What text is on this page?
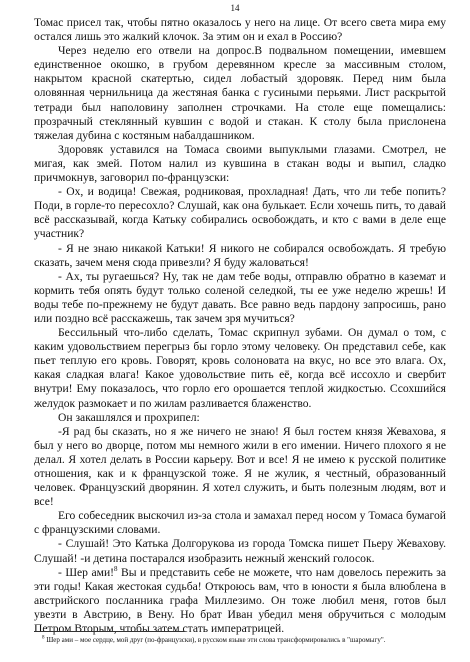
14

Томас присел так, чтобы пятно оказалось у него на лице. От всего света мира ему остался лишь это жалкий клочок. За этим он и ехал в Россию?

Через неделю его отвели на допрос.В подвальном помещении, имевшем единственное окошко, в грубом деревянном кресле за массивным столом, накрытом красной скатертью, сидел лобастый здоровяк. Перед ним была оловянная чернильница да жестяная банка с гусиными перьями. Лист раскрытой тетради был наполовину заполнен строчками. На столе еще помещались: прозрачный стеклянный кувшин с водой и стакан. К столу была прислонена тяжелая дубина с костяным набалдашником.

Здоровяк уставился на Томаса своими выпуклыми глазами. Смотрел, не мигая, как змей. Потом налил из кувшина в стакан воды и выпил, сладко причмокнув, заговорил по-французски:

- Ох, и водица! Свежая, родниковая, прохладная! Дать, что ли тебе попить? Поди, в горле-то пересохло? Слушай, как она булькает. Если хочешь пить, то давай всё рассказывай, когда Катьку собирались освобождать, и кто с вами в деле еще участник?

- Я не знаю никакой Катьки! Я никого не собирался освобождать. Я требую сказать, зачем меня сюда привезли? Я буду жаловаться!

- Ах, ты ругаешься? Ну, так не дам тебе воды, отправлю обратно в каземат и кормить тебя опять будут только соленой селедкой, ты ее уже неделю жрешь! И воды тебе по-прежнему не будут давать. Все равно ведь пардону запросишь, рано или поздно всё расскажешь, так зачем зря мучиться?

Бессильный что-либо сделать, Томас скрипнул зубами. Он думал о том, с каким удовольствием перегрыз бы горло этому человеку. Он представил себе, как пьет теплую его кровь. Говорят, кровь солоновата на вкус, но все это влага. Ох, какая сладкая влага! Какое удовольствие пить её, когда всё иссохло и свербит внутри! Ему показалось, что горло его орошается теплой жидкостью. Ссохшийся желудок размокает и по жилам разливается блаженство.

Он закашлялся и прохрипел:

-Я рад бы сказать, но я же ничего не знаю! Я был гостем князя Жевахова, я был у него во дворце, потом мы немного жили в его имении. Ничего плохого я не делал. Я хотел делать в России карьеру. Вот и все! Я не имею к русской политике отношения, как и к французской тоже. Я не жулик, я честный, образованный человек. Французский дворянин. Я хотел служить, и быть полезным людям, вот и все!

Его собеседник выскочил из-за стола и замахал перед носом у Томаса бумагой с французскими словами.

- Слушай! Это Катька Долгорукова из города Томска пишет Пьеру Жевахову. Слушай! -и детина постарался изобразить нежный женский голосок.

- Шер ами!$^8$ Вы и представить себе не можете, что нам довелось пережить за эти годы! Какая жестокая судьба! Откроюсь вам, что в юности я была влюблена в австрийского посланника графа Миллезимо. Он тоже любил меня, готов был увезти в Австрию, в Вену. Но брат Иван убедил меня обручиться с молодым Петром Вторым, чтобы затем стать императрицей.

$^8$ Шер ами – мое сердце, мой друг (по-французски), в русском языке эти слова трансформировались в "шаромыгу".
